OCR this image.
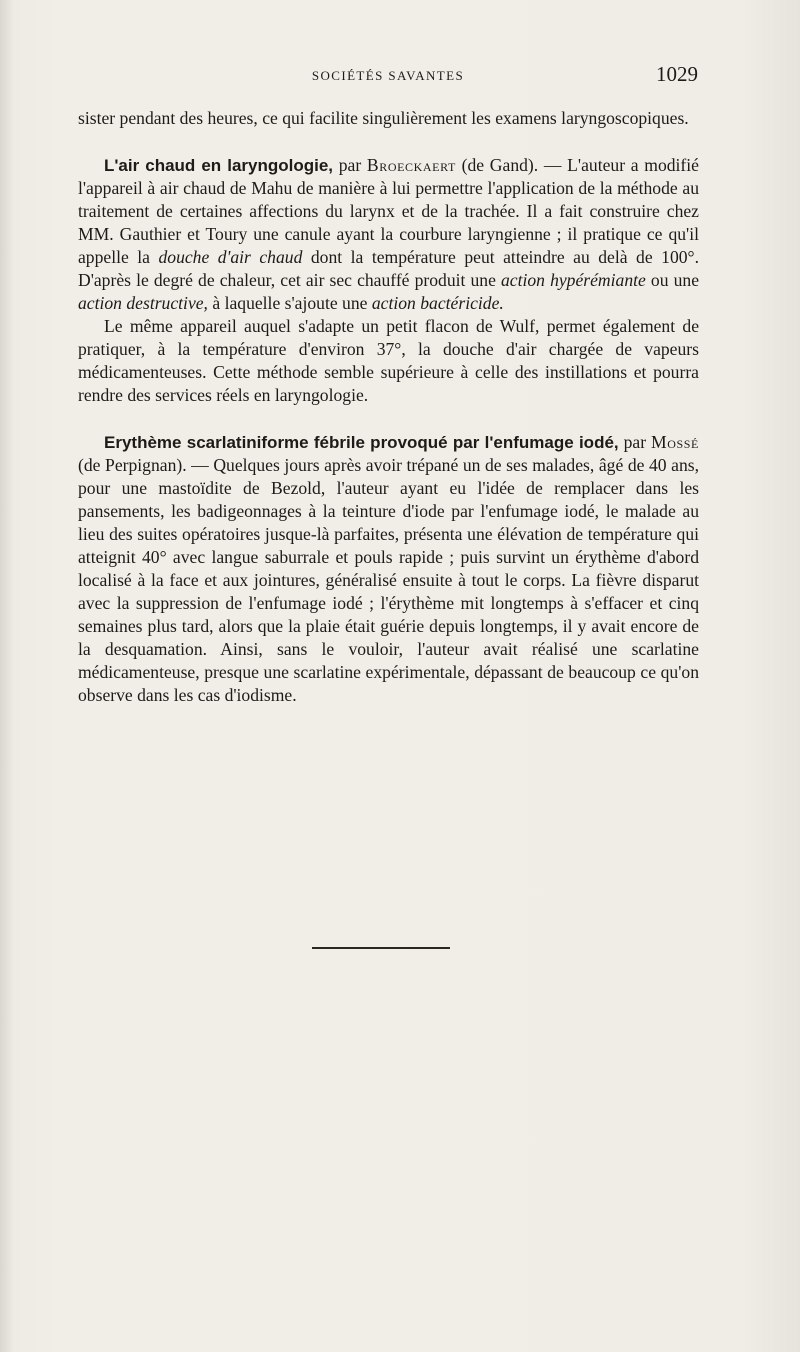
SOCIÉTÉS SAVANTES	1029

sister pendant des heures, ce qui facilite singulièrement les examens laryngoscopiques.

L'air chaud en laryngologie, par Broeckaert (de Gand). — L'auteur a modifié l'appareil à air chaud de Mahu de manière à lui permettre l'application de la méthode au traitement de certaines affections du larynx et de la trachée. Il a fait construire chez MM. Gauthier et Toury une canule ayant la courbure laryngienne ; il pratique ce qu'il appelle la douche d'air chaud dont la température peut atteindre au delà de 100°. D'après le degré de chaleur, cet air sec chauffé produit une action hypérémiante ou une action destructive, à laquelle s'ajoute une action bactéricide.

Le même appareil auquel s'adapte un petit flacon de Wulf, permet également de pratiquer, à la température d'environ 37°, la douche d'air chargée de vapeurs médicamenteuses. Cette méthode semble supérieure à celle des instillations et pourra rendre des services réels en laryngologie.

Erythème scarlatiniforme fébrile provoqué par l'enfumage iodé, par Mossé (de Perpignan). — Quelques jours après avoir trépané un de ses malades, âgé de 40 ans, pour une mastoïdite de Bezold, l'auteur ayant eu l'idée de remplacer dans les pansements, les badigeonnages à la teinture d'iode par l'enfumage iodé, le malade au lieu des suites opératoires jusque-là parfaites, présenta une élévation de température qui atteignit 40° avec langue saburrale et pouls rapide ; puis survint un érythème d'abord localisé à la face et aux jointures, généralisé ensuite à tout le corps. La fièvre disparut avec la suppression de l'enfumage iodé ; l'érythème mit longtemps à s'effacer et cinq semaines plus tard, alors que la plaie était guérie depuis longtemps, il y avait encore de la desquamation. Ainsi, sans le vouloir, l'auteur avait réalisé une scarlatine médicamenteuse, presque une scarlatine expérimentale, dépassant de beaucoup ce qu'on observe dans les cas d'iodisme.
